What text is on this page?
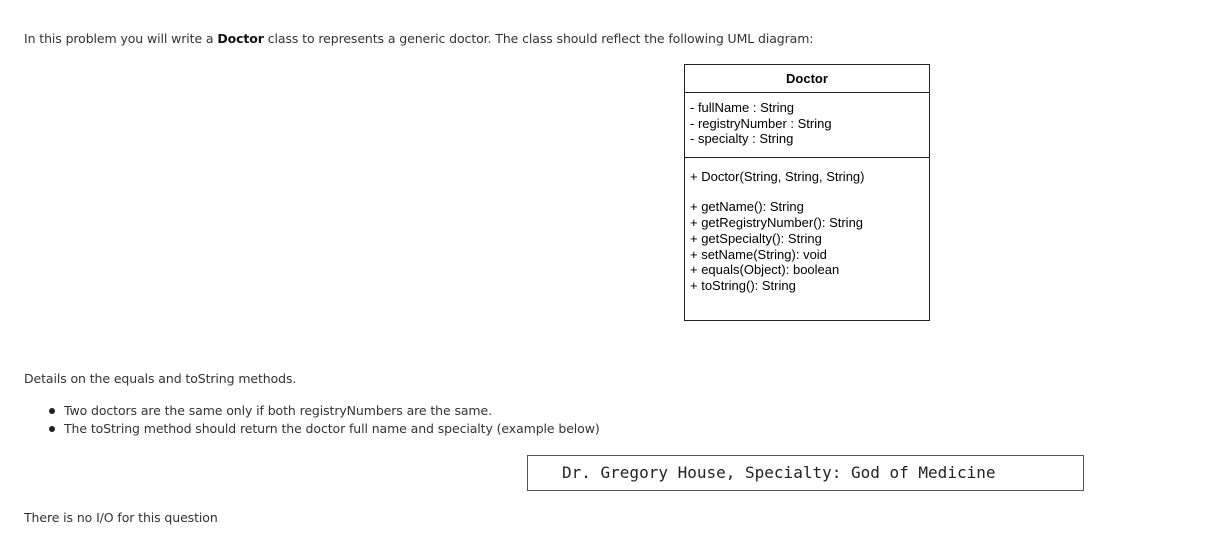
In this problem you will write a Doctor class to represents a generic doctor. The class should reflect the following UML diagram:
Doctor
- fullName : String
- registryNumber : String
- specialty : String
+ Doctor(String, String, String)
+ getName(): String
+ getRegistryNumber(): String
+ getSpecialty(): String
+ setName(String): void
+ equals(Object): boolean
+ toString(): String
Details on the equals and toString methods.
Two doctors are the same only if both registryNumbers are the same.
The toString method should return the doctor full name and specialty (example below)
Dr. Gregory House, Specialty: God of Medicine
There is no I/O for this question
